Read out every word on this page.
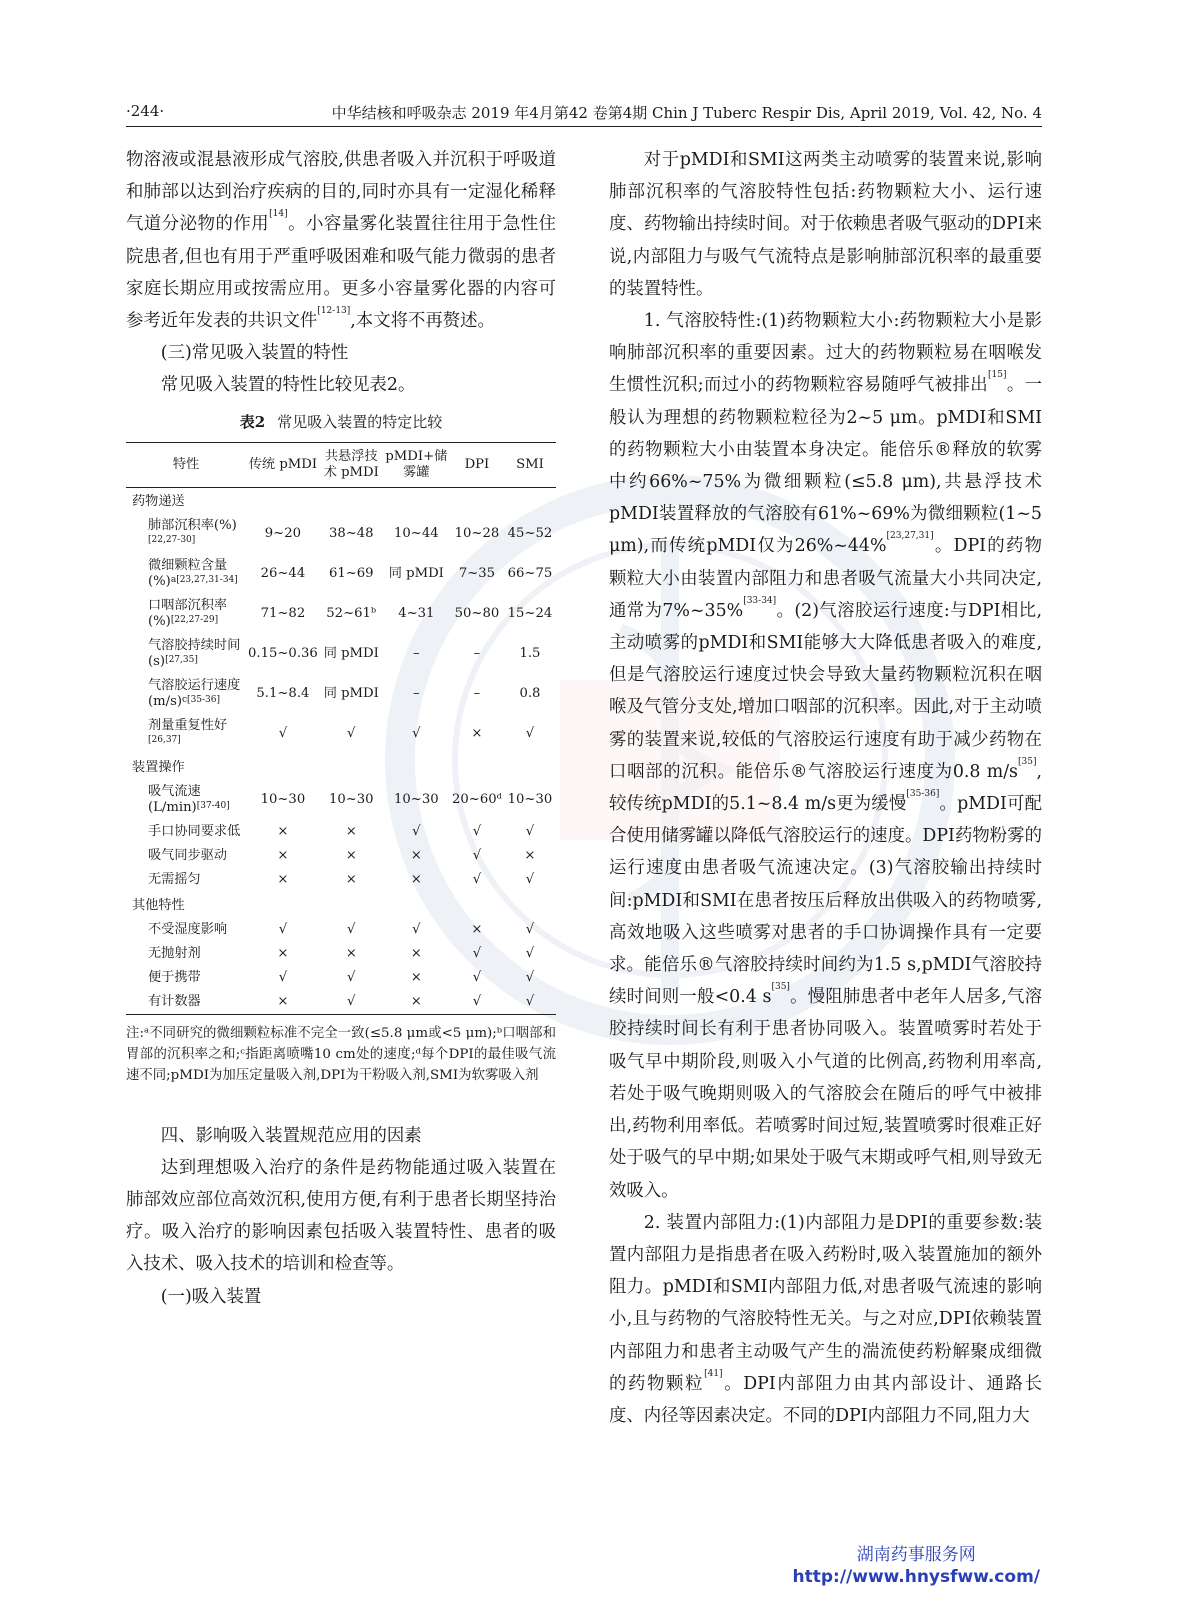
·244·	中华结核和呼吸杂志 2019 年4月第42 卷第4期 Chin J Tuberc Respir Dis, April 2019, Vol. 42, No. 4

物溶液或混悬液形成气溶胶,供患者吸入并沉积于呼吸道和肺部以达到治疗疾病的目的,同时亦具有一定湿化稀释气道分泌物的作用[14]。小容量雾化装置往往用于急性住院患者,但也有用于严重呼吸困难和吸气能力微弱的患者家庭长期应用或按需应用。更多小容量雾化器的内容可参考近年发表的共识文件[12-13],本文将不再赘述。

(三)常见吸入装置的特性

常见吸入装置的特性比较见表2。

表2 常见吸入装置的特定比较
特性	传统 pMDI	共悬浮技术 pMDI	pMDI+储雾罐	DPI	SMI
药物递送					
肺部沉积率(%)[22,27-30]	9~20	38~48	10~44	10~28	45~52
微细颗粒含量(%)$^{a[23,27,31-34]}$	26~44	61~69	同 pMDI	7~35	66~75
口咽部沉积率(%)[22,27-29]	71~82	52~61ᵇ	4~31	50~80	15~24
气溶胶持续时间(s)[27,35]	0.15~0.36	同 pMDI	–	–	1.5
气溶胶运行速度$(m/s)^{c[35-36]}$	5.1~8.4	同 pMDI	–	–	0.8
剂量重复性好[26,37]	√	√	√	×	√
装置操作					
吸气流速(L/min)[37-40]	10~30	10~30	10~30	20~60ᵈ	10~30
手口协同要求低	×	×	√	√	√
吸气同步驱动	×	×	×	√	×
无需摇匀	×	×	×	√	√
其他特性					
不受湿度影响	√	√	√	×	√
无抛射剂	×	×	×	√	√
便于携带	√	√	×	√	√
有计数器	×	√	×	√	√
注:ᵃ不同研究的微细颗粒标准不完全一致(≤5.8 μm或<5 μm);ᵇ口咽部和胃部的沉积率之和;ᶜ指距离喷嘴10 cm处的速度;ᵈ每个DPI的最佳吸气流速不同;pMDI为加压定量吸入剂,DPI为干粉吸入剂,SMI为软雾吸入剂

四、影响吸入装置规范应用的因素

达到理想吸入治疗的条件是药物能通过吸入装置在肺部效应部位高效沉积,使用方便,有利于患者长期坚持治疗。吸入治疗的影响因素包括吸入装置特性、患者的吸入技术、吸入技术的培训和检查等。

(一)吸入装置

对于pMDI和SMI这两类主动喷雾的装置来说,影响肺部沉积率的气溶胶特性包括:药物颗粒大小、运行速度、药物输出持续时间。对于依赖患者吸气驱动的DPI来说,内部阻力与吸气气流特点是影响肺部沉积率的最重要的装置特性。

1. 气溶胶特性:(1)药物颗粒大小:药物颗粒大小是影响肺部沉积率的重要因素。过大的药物颗粒易在咽喉发生惯性沉积;而过小的药物颗粒容易随呼气被排出[15]。一般认为理想的药物颗粒粒径为2~5 μm。pMDI和SMI的药物颗粒大小由装置本身决定。能倍乐®释放的软雾中约66%~75%为微细颗粒(≤5.8 μm),共悬浮技术pMDI装置释放的气溶胶有61%~69%为微细颗粒(1~5 μm),而传统pMDI仅为26%~44%[23,27,31]。DPI的药物颗粒大小由装置内部阻力和患者吸气流量大小共同决定,通常为7%~35%[33-34]。(2)气溶胶运行速度:与DPI相比,主动喷雾的pMDI和SMI能够大大降低患者吸入的难度,但是气溶胶运行速度过快会导致大量药物颗粒沉积在咽喉及气管分支处,增加口咽部的沉积率。因此,对于主动喷雾的装置来说,较低的气溶胶运行速度有助于减少药物在口咽部的沉积。能倍乐®气溶胶运行速度为0.8 m/s[35],较传统pMDI的5.1~8.4 m/s更为缓慢[35-36]。pMDI可配合使用储雾罐以降低气溶胶运行的速度。DPI药物粉雾的运行速度由患者吸气流速决定。(3)气溶胶输出持续时间:pMDI和SMI在患者按压后释放出供吸入的药物喷雾,高效地吸入这些喷雾对患者的手口协调操作具有一定要求。能倍乐®气溶胶持续时间约为1.5 s,pMDI气溶胶持续时间则一般<0.4 s[35]。慢阻肺患者中老年人居多,气溶胶持续时间长有利于患者协同吸入。装置喷雾时若处于吸气早中期阶段,则吸入小气道的比例高,药物利用率高,若处于吸气晚期则吸入的气溶胶会在随后的呼气中被排出,药物利用率低。若喷雾时间过短,装置喷雾时很难正好处于吸气的早中期;如果处于吸气末期或呼气相,则导致无效吸入。

2. 装置内部阻力:(1)内部阻力是DPI的重要参数:装置内部阻力是指患者在吸入药粉时,吸入装置施加的额外阻力。pMDI和SMI内部阻力低,对患者吸气流速的影响小,且与药物的气溶胶特性无关。与之对应,DPI依赖装置内部阻力和患者主动吸气产生的湍流使药粉解聚成细微的药物颗粒[41]。DPI内部阻力由其内部设计、通路长度、内径等因素决定。不同的DPI内部阻力不同,阻力大

湖南药事服务网
http://www.hnysfww.com/
